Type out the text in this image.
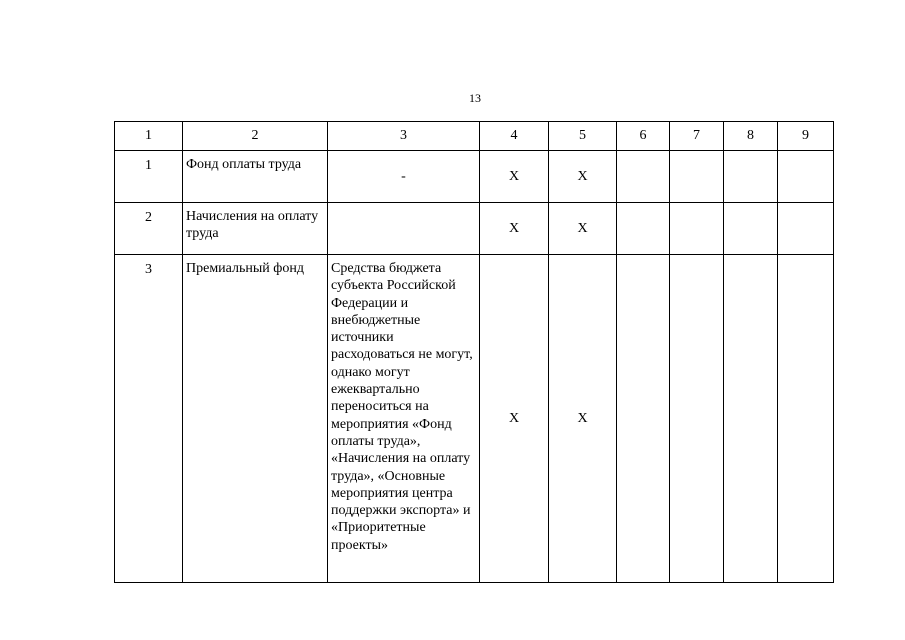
13
1	2	3	4	5	6	7	8	9
1	Фонд оплаты труда	-	Х	Х				
2	Начисления на оплату труда		Х	Х				
3	Премиальный фонд	Средства бюджета субъекта Российской Федерации и внебюджетные источники расходоваться не могут, однако могут ежеквартально переноситься на мероприятия «Фонд оплаты труда», «Начисления на оплату труда», «Основные мероприятия центра поддержки экспорта» и «Приоритетные проекты»	Х	Х				
